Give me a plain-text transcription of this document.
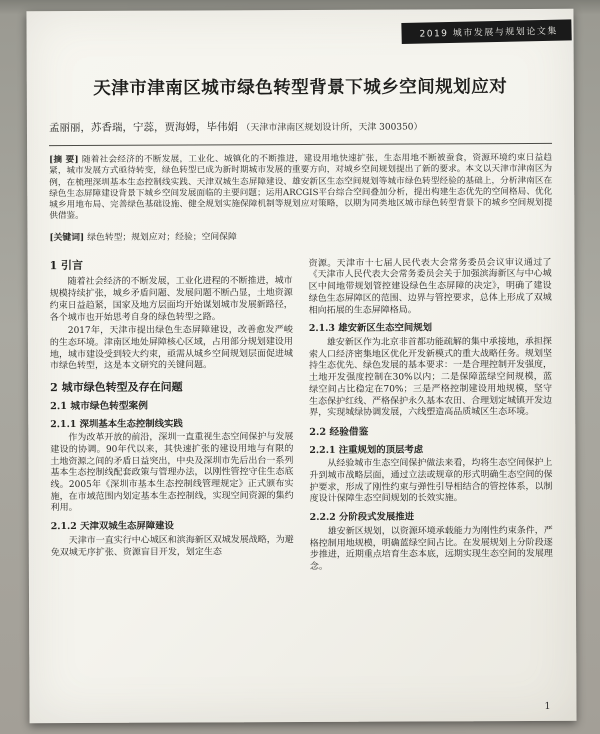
2019 城市发展与规划论文集
天津市津南区城市绿色转型背景下城乡空间规划应对
孟丽丽，苏香瑞，宁蕊，贾海姆，毕伟娟 （天津市津南区规划设计所，天津 300350）
[摘 要] 随着社会经济的不断发展，工业化、城镇化的不断推进，建设用地快速扩张，生态用地不断被蚕食，资源环境约束日益趋紧，城市发展方式亟待转变，绿色转型已成为新时期城市发展的重要方向，对城乡空间规划提出了新的要求。本文以天津市津南区为例，在梳理深圳基本生态控制线实践、天津双城生态屏障建设、雄安新区生态空间规划等城市绿色转型经验的基础上，分析津南区在绿色生态屏障建设背景下城乡空间发展面临的主要问题；运用ARCGIS平台综合空间叠加分析，提出构建生态优先的空间格局、优化城乡用地布局、完善绿色基础设施、健全规划实施保障机制等规划应对策略，以期为同类地区城市绿色转型背景下的城乡空间规划提供借鉴。
[关键词] 绿色转型；规划应对；经验；空间保障
1 引言

随着社会经济的不断发展，工业化进程的不断推进，城市规模持续扩张，城乡矛盾问题、发展问题不断凸显，土地资源约束日益趋紧，国家及地方层面均开始谋划城市发展新路径，各个城市也开始思考自身的绿色转型之路。

2017年，天津市提出绿色生态屏障建设，改善愈发严峻的生态环境。津南区地处屏障核心区域，占用部分规划建设用地，城市建设受到较大约束，亟需从城乡空间规划层面促进城市绿色转型，这是本文研究的关键问题。

2 城市绿色转型及存在问题
2.1 城市绿色转型案例
2.1.1 深圳基本生态控制线实践

作为改革开放的前沿，深圳一直重视生态空间保护与发展建设的协调。90年代以来，其快速扩张的建设用地与有限的土地资源之间的矛盾日益突出，中央及深圳市先后出台一系列基本生态控制线配套政策与管理办法，以刚性管控守住生态底线。2005年《深圳市基本生态控制线管理规定》正式颁布实施，在市域范围内划定基本生态控制线，实现空间资源的集约利用。

2.1.2 天津双城生态屏障建设

天津市一直实行中心城区和滨海新区双城发展战略，为避免双城无序扩张、资源盲目开发，划定生态

资源。天津市十七届人民代表大会常务委员会议审议通过了《天津市人民代表大会常务委员会关于加强滨海新区与中心城区中间地带规划管控建设绿色生态屏障的决定》，明确了建设绿色生态屏障区的范围、边界与管控要求，总体上形成了双城相向拓展的生态屏障格局。

2.1.3 雄安新区生态空间规划

雄安新区作为北京非首都功能疏解的集中承接地，承担探索人口经济密集地区优化开发新模式的重大战略任务。规划坚持生态优先、绿色发展的基本要求：一是合理控制开发强度，土地开发强度控制在30%以内；二是保障蓝绿空间规模，蓝绿空间占比稳定在70%；三是严格控制建设用地规模，坚守生态保护红线、严格保护永久基本农田、合理划定城镇开发边界，实现城绿协调发展，六线塑造高品质城区生态环境。

2.2 经验借鉴
2.2.1 注重规划的顶层考虑

从经验城市生态空间保护做法来看，均将生态空间保护上升到城市战略层面，通过立法或规章的形式明确生态空间的保护要求，形成了刚性约束与弹性引导相结合的管控体系，以制度设计保障生态空间规划的长效实施。

2.2.2 分阶段式发展推进

雄安新区规划，以资源环境承载能力为刚性约束条件，严格控制用地规模，明确蓝绿空间占比。在发展规划上分阶段逐步推进，近期重点培育生态本底，远期实现生态空间的发展理念。

1
